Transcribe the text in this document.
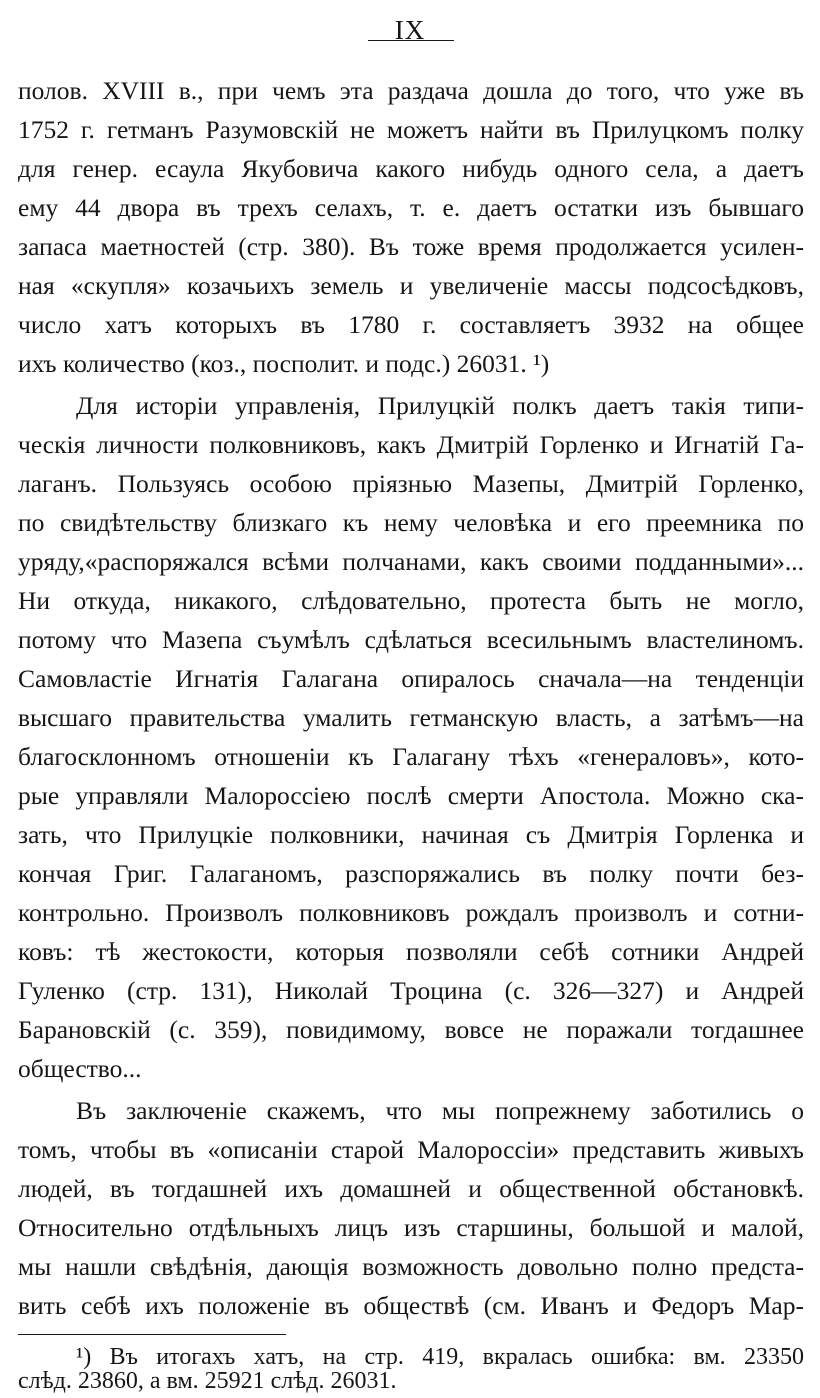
IX
полов. XVIII в., при чемъ эта раздача дошла до того, что уже въ
1752 г. гетманъ Разумовскій не можетъ найти въ Прилуцкомъ полку
для генер. есаула Якубовича какого нибудь одного села, а даетъ
ему 44 двора въ трехъ селахъ, т. е. даетъ остатки изъ бывшаго
запаса маетностей (стр. 380). Въ тоже время продолжается усилен-
ная «скупля» козачьихъ земель и увеличеніе массы подсосѣдковъ,
число хатъ которыхъ въ 1780 г. составляетъ 3932 на общее
ихъ количество (коз., посполит. и подс.) 26031. ¹)
Для исторіи управленія, Прилуцкій полкъ даетъ такія типи-
ческія личности полковниковъ, какъ Дмитрій Горленко и Игнатій Га-
лаганъ. Пользуясь особою пріязнью Мазепы, Дмитрій Горленко,
по свидѣтельству близкаго къ нему человѣка и его преемника по
уряду,«распоряжался всѣми полчанами, какъ своими подданными»...
Ни откуда, никакого, слѣдовательно, протеста быть не могло,
потому что Мазепа съумѣлъ сдѣлаться всесильнымъ властелиномъ.
Самовластіе Игнатія Галагана опиралось сначала—на тенденціи
высшаго правительства умалить гетманскую власть, а затѣмъ—на
благосклонномъ отношеніи къ Галагану тѣхъ «генераловъ», кото-
рые управляли Малороссіею послѣ смерти Апостола. Можно ска-
зать, что Прилуцкіе полковники, начиная съ Дмитрія Горленка и
кончая Григ. Галаганомъ, разспоряжались въ полку почти без-
контрольно. Произволъ полковниковъ рождалъ произволъ и сотни-
ковъ: тѣ жестокости, которыя позволяли себѣ сотники Андрей
Гуленко (стр. 131), Николай Троцина (с. 326—327) и Андрей
Барановскій (с. 359), повидимому, вовсе не поражали тогдашнее
общество...
Въ заключеніе скажемъ, что мы попрежнему заботились о
томъ, чтобы въ «описаніи старой Малороссіи» представить живыхъ
людей, въ тогдашней ихъ домашней и общественной обстановкѣ.
Относительно отдѣльныхъ лицъ изъ старшины, большой и малой,
мы нашли свѣдѣнія, дающія возможность довольно полно предста-
вить себѣ ихъ положеніе въ обществѣ (см. Иванъ и Федоръ Мар-
¹) Въ итогахъ хатъ, на стр. 419, вкралась ошибка: вм. 23350
слѣд. 23860, а вм. 25921 слѣд. 26031.
